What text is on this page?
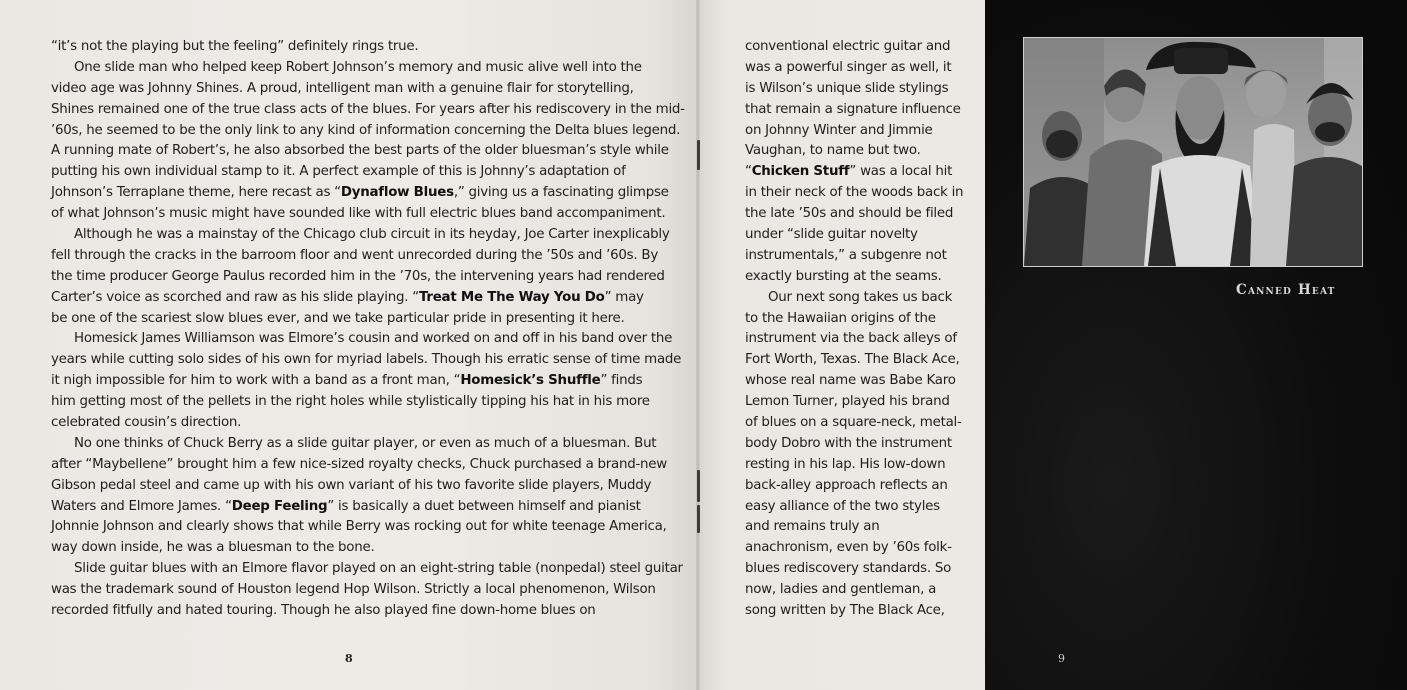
“it’s not the playing but the feeling” definitely rings true.
One slide man who helped keep Robert Johnson’s memory and music alive well into the
video age was Johnny Shines. A proud, intelligent man with a genuine flair for storytelling,
Shines remained one of the true class acts of the blues. For years after his rediscovery in the mid-
’60s, he seemed to be the only link to any kind of information concerning the Delta blues legend.
A running mate of Robert’s, he also absorbed the best parts of the older bluesman’s style while
putting his own individual stamp to it. A perfect example of this is Johnny’s adaptation of
Johnson’s Terraplane theme, here recast as “Dynaflow Blues,” giving us a fascinating glimpse
of what Johnson’s music might have sounded like with full electric blues band accompaniment.
Although he was a mainstay of the Chicago club circuit in its heyday, Joe Carter inexplicably
fell through the cracks in the barroom floor and went unrecorded during the ’50s and ’60s. By
the time producer George Paulus recorded him in the ’70s, the intervening years had rendered
Carter’s voice as scorched and raw as his slide playing. “Treat Me The Way You Do” may
be one of the scariest slow blues ever, and we take particular pride in presenting it here.
Homesick James Williamson was Elmore’s cousin and worked on and off in his band over the
years while cutting solo sides of his own for myriad labels. Though his erratic sense of time made
it nigh impossible for him to work with a band as a front man, “Homesick’s Shuffle” finds
him getting most of the pellets in the right holes while stylistically tipping his hat in his more
celebrated cousin’s direction.
No one thinks of Chuck Berry as a slide guitar player, or even as much of a bluesman. But
after “Maybellene” brought him a few nice-sized royalty checks, Chuck purchased a brand-new
Gibson pedal steel and came up with his own variant of his two favorite slide players, Muddy
Waters and Elmore James. “Deep Feeling” is basically a duet between himself and pianist
Johnnie Johnson and clearly shows that while Berry was rocking out for white teenage America,
way down inside, he was a bluesman to the bone.
Slide guitar blues with an Elmore flavor played on an eight-string table (nonpedal) steel guitar
was the trademark sound of Houston legend Hop Wilson. Strictly a local phenomenon, Wilson
recorded fitfully and hated touring. Though he also played fine down-home blues on
conventional electric guitar and
was a powerful singer as well, it
is Wilson’s unique slide stylings
that remain a signature influence
on Johnny Winter and Jimmie
Vaughan, to name but two.
“Chicken Stuff” was a local hit
in their neck of the woods back in
the late ’50s and should be filed
under “slide guitar novelty
instrumentals,” a subgenre not
exactly bursting at the seams.
Our next song takes us back
to the Hawaiian origins of the
instrument via the back alleys of
Fort Worth, Texas. The Black Ace,
whose real name was Babe Karo
Lemon Turner, played his brand
of blues on a square-neck, metal-
body Dobro with the instrument
resting in his lap. His low-down
back-alley approach reflects an
easy alliance of the two styles
and remains truly an
anachronism, even by ’60s folk-
blues rediscovery standards. So
now, ladies and gentleman, a
song written by The Black Ace,
8
Canned Heat
9
